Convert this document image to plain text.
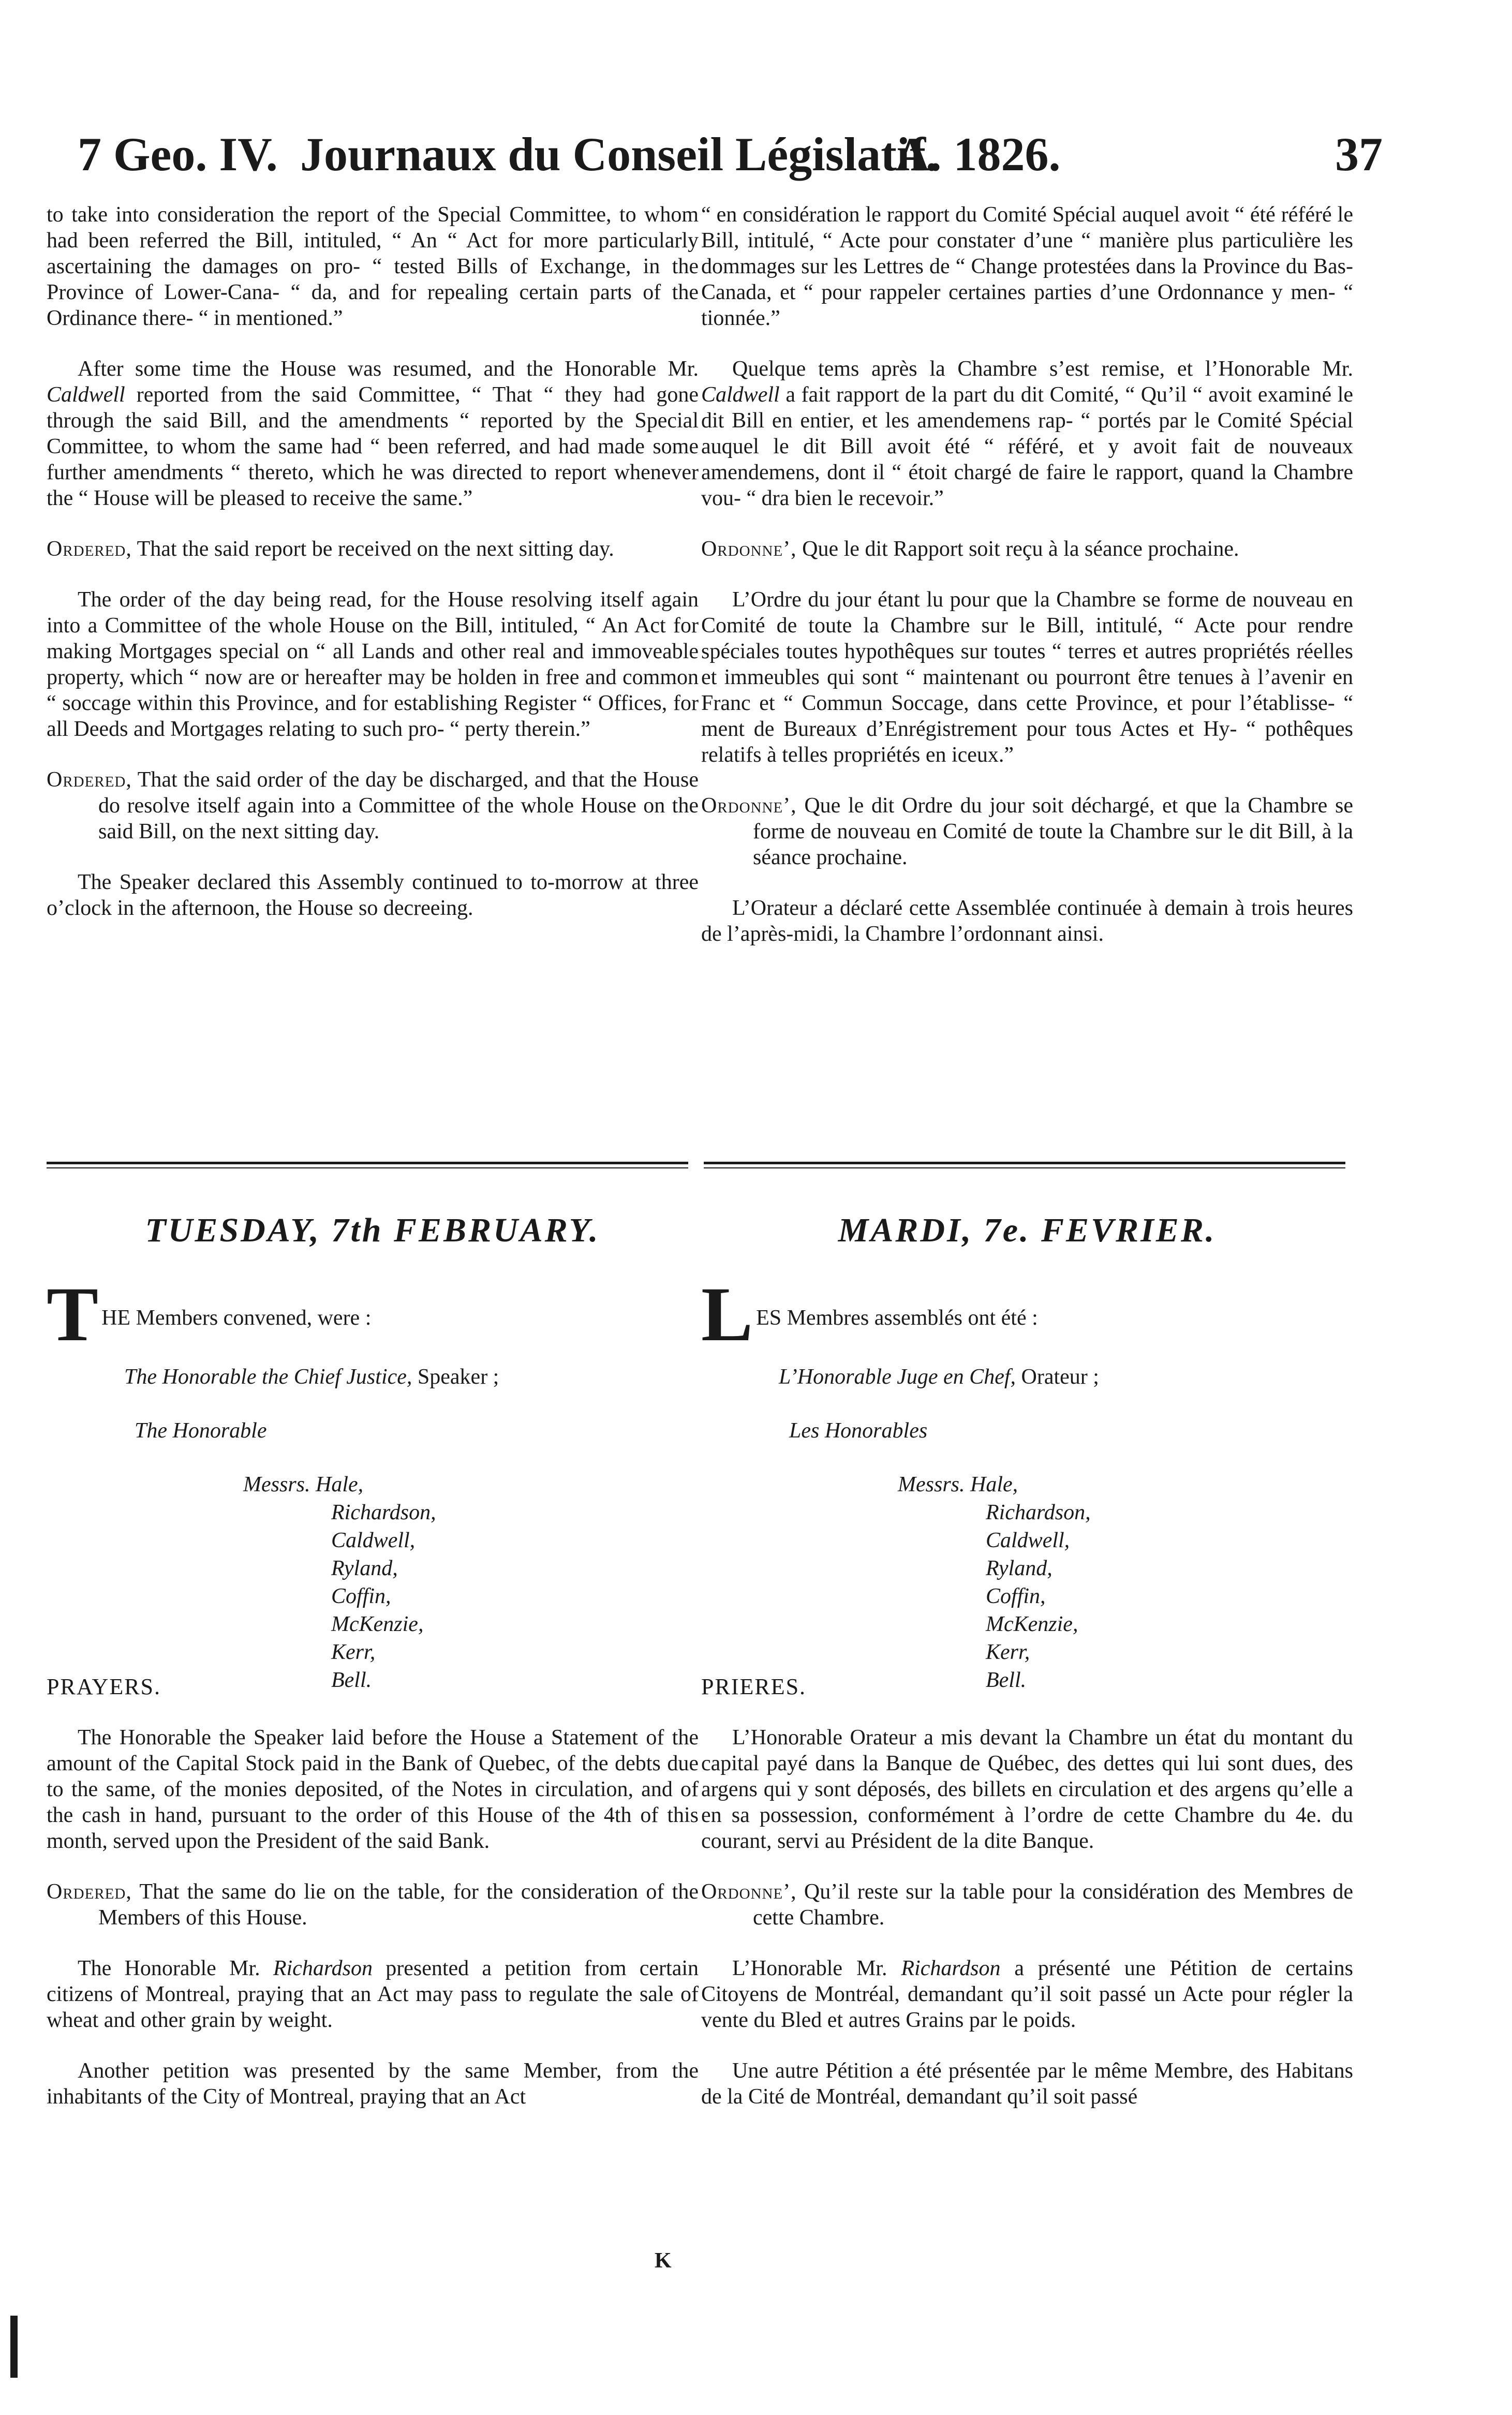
7 Geo. IV. Journaux du Conseil Législatif.
A. 1826.	37

to take into consideration the report of the Special Committee, to whom had been referred the Bill, intituled, “ An “ Act for more particularly ascertaining the damages on pro- “ tested Bills of Exchange, in the Province of Lower-Cana- “ da, and for repealing certain parts of the Ordinance there- “ in mentioned.”

After some time the House was resumed, and the Honorable Mr. Caldwell reported from the said Committee, “ That “ they had gone through the said Bill, and the amendments “ reported by the Special Committee, to whom the same had “ been referred, and had made some further amendments “ thereto, which he was directed to report whenever the “ House will be pleased to receive the same.”

Ordered, That the said report be received on the next sitting day.

The order of the day being read, for the House resolving itself again into a Committee of the whole House on the Bill, intituled, “ An Act for making Mortgages special on “ all Lands and other real and immoveable property, which “ now are or hereafter may be holden in free and common “ soccage within this Province, and for establishing Register “ Offices, for all Deeds and Mortgages relating to such pro- “ perty therein.”

Ordered, That the said order of the day be discharged, and that the House do resolve itself again into a Committee of the whole House on the said Bill, on the next sitting day.

The Speaker declared this Assembly continued to to-morrow at three o’clock in the afternoon, the House so decreeing.

“ en considération le rapport du Comité Spécial auquel avoit “ été référé le Bill, intitulé, “ Acte pour constater d’une “ manière plus particulière les dommages sur les Lettres de “ Change protestées dans la Province du Bas-Canada, et “ pour rappeler certaines parties d’une Ordonnance y men- “ tionnée.”

Quelque tems après la Chambre s’est remise, et l’Honorable Mr. Caldwell a fait rapport de la part du dit Comité, “ Qu’il “ avoit examiné le dit Bill en entier, et les amendemens rap- “ portés par le Comité Spécial auquel le dit Bill avoit été “ référé, et y avoit fait de nouveaux amendemens, dont il “ étoit chargé de faire le rapport, quand la Chambre vou- “ dra bien le recevoir.”

Ordonne’, Que le dit Rapport soit reçu à la séance prochaine.

L’Ordre du jour étant lu pour que la Chambre se forme de nouveau en Comité de toute la Chambre sur le Bill, intitulé, “ Acte pour rendre spéciales toutes hypothêques sur toutes “ terres et autres propriétés réelles et immeubles qui sont “ maintenant ou pourront être tenues à l’avenir en Franc et “ Commun Soccage, dans cette Province, et pour l’établisse- “ ment de Bureaux d’Enrégistrement pour tous Actes et Hy- “ pothêques relatifs à telles propriétés en iceux.”

Ordonne’, Que le dit Ordre du jour soit déchargé, et que la Chambre se forme de nouveau en Comité de toute la Chambre sur le dit Bill, à la séance prochaine.

L’Orateur a déclaré cette Assemblée continuée à demain à trois heures de l’après-midi, la Chambre l’ordonnant ainsi.

TUESDAY, 7th FEBRUARY.	MARDI, 7e. FEVRIER.
T HE Members convened, were :
The Honorable the Chief Justice, Speaker ;
The Honorable
Messrs. Hale,
Richardson,
Caldwell,
Ryland,
Coffin,
McKenzie,
Kerr,
Bell.
L ES Membres assemblés ont été :
L’Honorable Juge en Chef, Orateur ;
Les Honorables
Messrs. Hale,
Richardson,
Caldwell,
Ryland,
Coffin,
McKenzie,
Kerr,
Bell.
PRAYERS.

The Honorable the Speaker laid before the House a Statement of the amount of the Capital Stock paid in the Bank of Quebec, of the debts due to the same, of the monies deposited, of the Notes in circulation, and of the cash in hand, pursuant to the order of this House of the 4th of this month, served upon the President of the said Bank.

Ordered, That the same do lie on the table, for the consideration of the Members of this House.

The Honorable Mr. Richardson presented a petition from certain citizens of Montreal, praying that an Act may pass to regulate the sale of wheat and other grain by weight.

Another petition was presented by the same Member, from the inhabitants of the City of Montreal, praying that an Act

PRIERES.

L’Honorable Orateur a mis devant la Chambre un état du montant du capital payé dans la Banque de Québec, des dettes qui lui sont dues, des argens qui y sont déposés, des billets en circulation et des argens qu’elle a en sa possession, conformément à l’ordre de cette Chambre du 4e. du courant, servi au Président de la dite Banque.

Ordonne’, Qu’il reste sur la table pour la considération des Membres de cette Chambre.

L’Honorable Mr. Richardson a présenté une Pétition de certains Citoyens de Montréal, demandant qu’il soit passé un Acte pour régler la vente du Bled et autres Grains par le poids.

Une autre Pétition a été présentée par le même Membre, des Habitans de la Cité de Montréal, demandant qu’il soit passé

K
